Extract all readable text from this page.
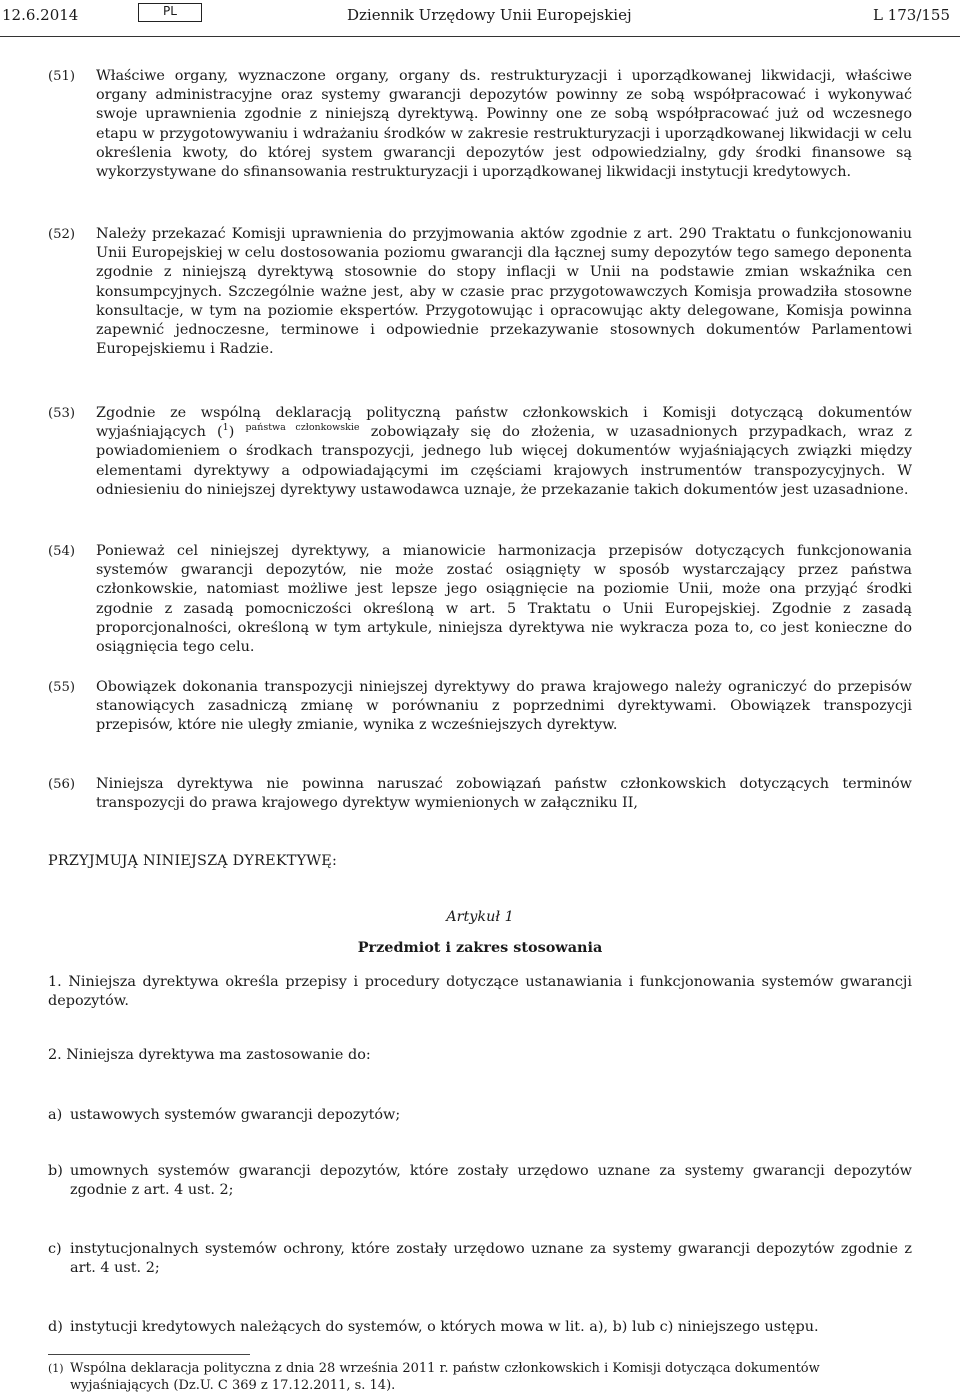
12.6.2014	PL	Dziennik Urzędowy Unii Europejskiej	L 173/155
(51)	Właściwe organy, wyznaczone organy, organy ds. restrukturyzacji i uporządkowanej likwidacji, właściwe organy administracyjne oraz systemy gwarancji depozytów powinny ze sobą współpracować i wykonywać swoje uprawnienia zgodnie z niniejszą dyrektywą. Powinny one ze sobą współpracować już od wczesnego etapu w przygotowywaniu i wdrażaniu środków w zakresie restrukturyzacji i uporządkowanej likwidacji w celu określenia kwoty, do której system gwarancji depozytów jest odpowiedzialny, gdy środki finansowe są wykorzystywane do sfinansowania restrukturyzacji i uporządkowanej likwidacji instytucji kredytowych.
(52)	Należy przekazać Komisji uprawnienia do przyjmowania aktów zgodnie z art. 290 Traktatu o funkcjonowaniu Unii Europejskiej w celu dostosowania poziomu gwarancji dla łącznej sumy depozytów tego samego deponenta zgodnie z niniejszą dyrektywą stosownie do stopy inflacji w Unii na podstawie zmian wskaźnika cen konsumpcyjnych. Szczególnie ważne jest, aby w czasie prac przygotowawczych Komisja prowadziła stosowne konsultacje, w tym na poziomie ekspertów. Przygotowując i opracowując akty delegowane, Komisja powinna zapewnić jednoczesne, terminowe i odpowiednie przekazywanie stosownych dokumentów Parlamentowi Europejskiemu i Radzie.
(53)	Zgodnie ze wspólną deklaracją polityczną państw członkowskich i Komisji dotyczącą dokumentów wyjaśniających ($^1$) $^{państwa członkowskie}$ zobowiązały się do złożenia, w uzasadnionych przypadkach, wraz z powiadomieniem o środkach transpozycji, jednego lub więcej dokumentów wyjaśniających związki między elementami dyrektywy a odpowiadającymi im częściami krajowych instrumentów transpozycyjnych. W odniesieniu do niniejszej dyrektywy ustawodawca uznaje, że przekazanie takich dokumentów jest uzasadnione.
(54)	Ponieważ cel niniejszej dyrektywy, a mianowicie harmonizacja przepisów dotyczących funkcjonowania systemów gwarancji depozytów, nie może zostać osiągnięty w sposób wystarczający przez państwa członkowskie, natomiast możliwe jest lepsze jego osiągnięcie na poziomie Unii, może ona przyjąć środki zgodnie z zasadą pomocniczości określoną w art. 5 Traktatu o Unii Europejskiej. Zgodnie z zasadą proporcjonalności, określoną w tym artykule, niniejsza dyrektywa nie wykracza poza to, co jest konieczne do osiągnięcia tego celu.
(55)	Obowiązek dokonania transpozycji niniejszej dyrektywy do prawa krajowego należy ograniczyć do przepisów stanowiących zasadniczą zmianę w porównaniu z poprzednimi dyrektywami. Obowiązek transpozycji przepisów, które nie uległy zmianie, wynika z wcześniejszych dyrektyw.
(56)	Niniejsza dyrektywa nie powinna naruszać zobowiązań państw członkowskich dotyczących terminów transpozycji do prawa krajowego dyrektyw wymienionych w załączniku II,
PRZYJMUJĄ NINIEJSZĄ DYREKTYWĘ:
Artykuł 1
Przedmiot i zakres stosowania
1. Niniejsza dyrektywa określa przepisy i procedury dotyczące ustanawiania i funkcjonowania systemów gwarancji depozytów.
2. Niniejsza dyrektywa ma zastosowanie do:
a) ustawowych systemów gwarancji depozytów;
b) umownych systemów gwarancji depozytów, które zostały urzędowo uznane za systemy gwarancji depozytów zgodnie z art. 4 ust. 2;
c) instytucjonalnych systemów ochrony, które zostały urzędowo uznane za systemy gwarancji depozytów zgodnie z art. 4 ust. 2;
d) instytucji kredytowych należących do systemów, o których mowa w lit. a), b) lub c) niniejszego ustępu.
(1) Wspólna deklaracja polityczna z dnia 28 września 2011 r. państw członkowskich i Komisji dotycząca dokumentów wyjaśniających (Dz.U. C 369 z 17.12.2011, s. 14).
